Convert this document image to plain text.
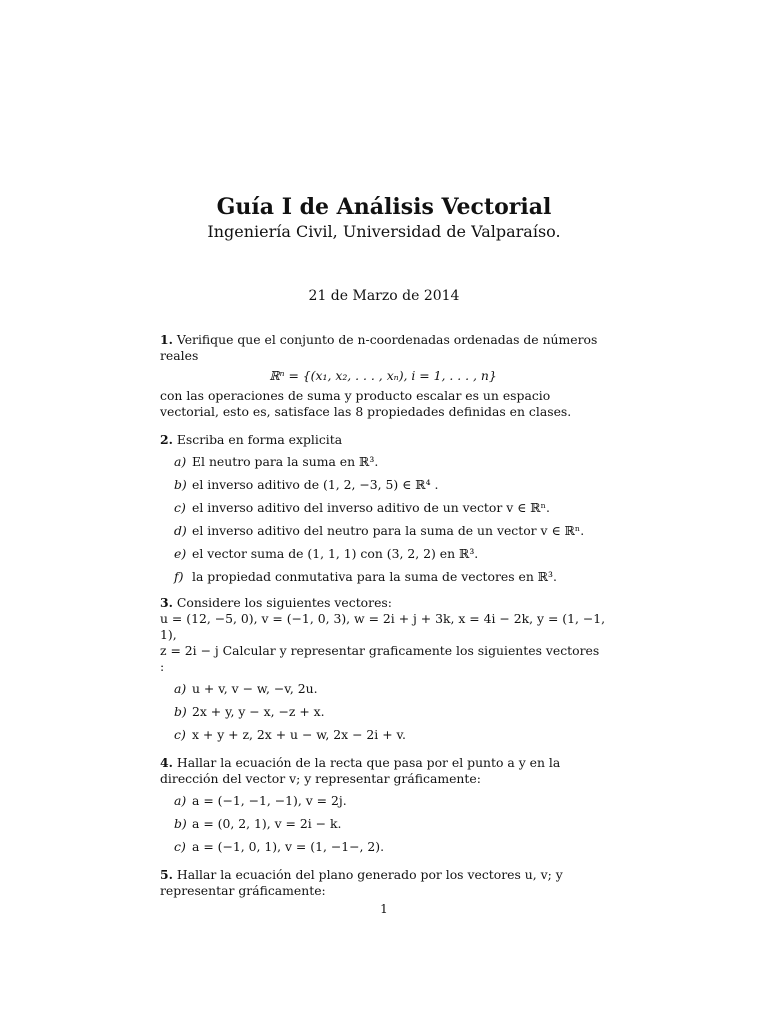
Guía I de Análisis Vectorial
Ingeniería Civil, Universidad de Valparaíso.
21 de Marzo de 2014
1. Verifique que el conjunto de n-coordenadas ordenadas de números reales
ℝⁿ = {(x₁, x₂, . . . , xₙ), i = 1, . . . , n}
con las operaciones de suma y producto escalar es un espacio vectorial, esto es, satisface las 8 propiedades definidas en clases.
2. Escriba en forma explicita
a) El neutro para la suma en ℝ³.
b) el inverso aditivo de (1, 2, −3, 5) ∈ ℝ⁴ .
c) el inverso aditivo del inverso aditivo de un vector v ∈ ℝⁿ.
d) el inverso aditivo del neutro para la suma de un vector v ∈ ℝⁿ.
e) el vector suma de (1, 1, 1) con (3, 2, 2) en ℝ³.
f) la propiedad conmutativa para la suma de vectores en ℝ³.
3. Considere los siguientes vectores:
u = (12, −5, 0), v = (−1, 0, 3), w = 2i + j + 3k, x = 4i − 2k, y = (1, −1, 1),
z = 2i − j Calcular y representar graficamente los siguientes vectores :
a) u + v, v − w, −v, 2u.
b) 2x + y, y − x, −z + x.
c) x + y + z, 2x + u − w, 2x − 2i + v.
4. Hallar la ecuación de la recta que pasa por el punto a y en la dirección del vector v; y representar gráficamente:
a) a = (−1, −1, −1), v = 2j.
b) a = (0, 2, 1), v = 2i − k.
c) a = (−1, 0, 1), v = (1, −1−, 2).
5. Hallar la ecuación del plano generado por los vectores u, v; y representar gráficamente:
1
